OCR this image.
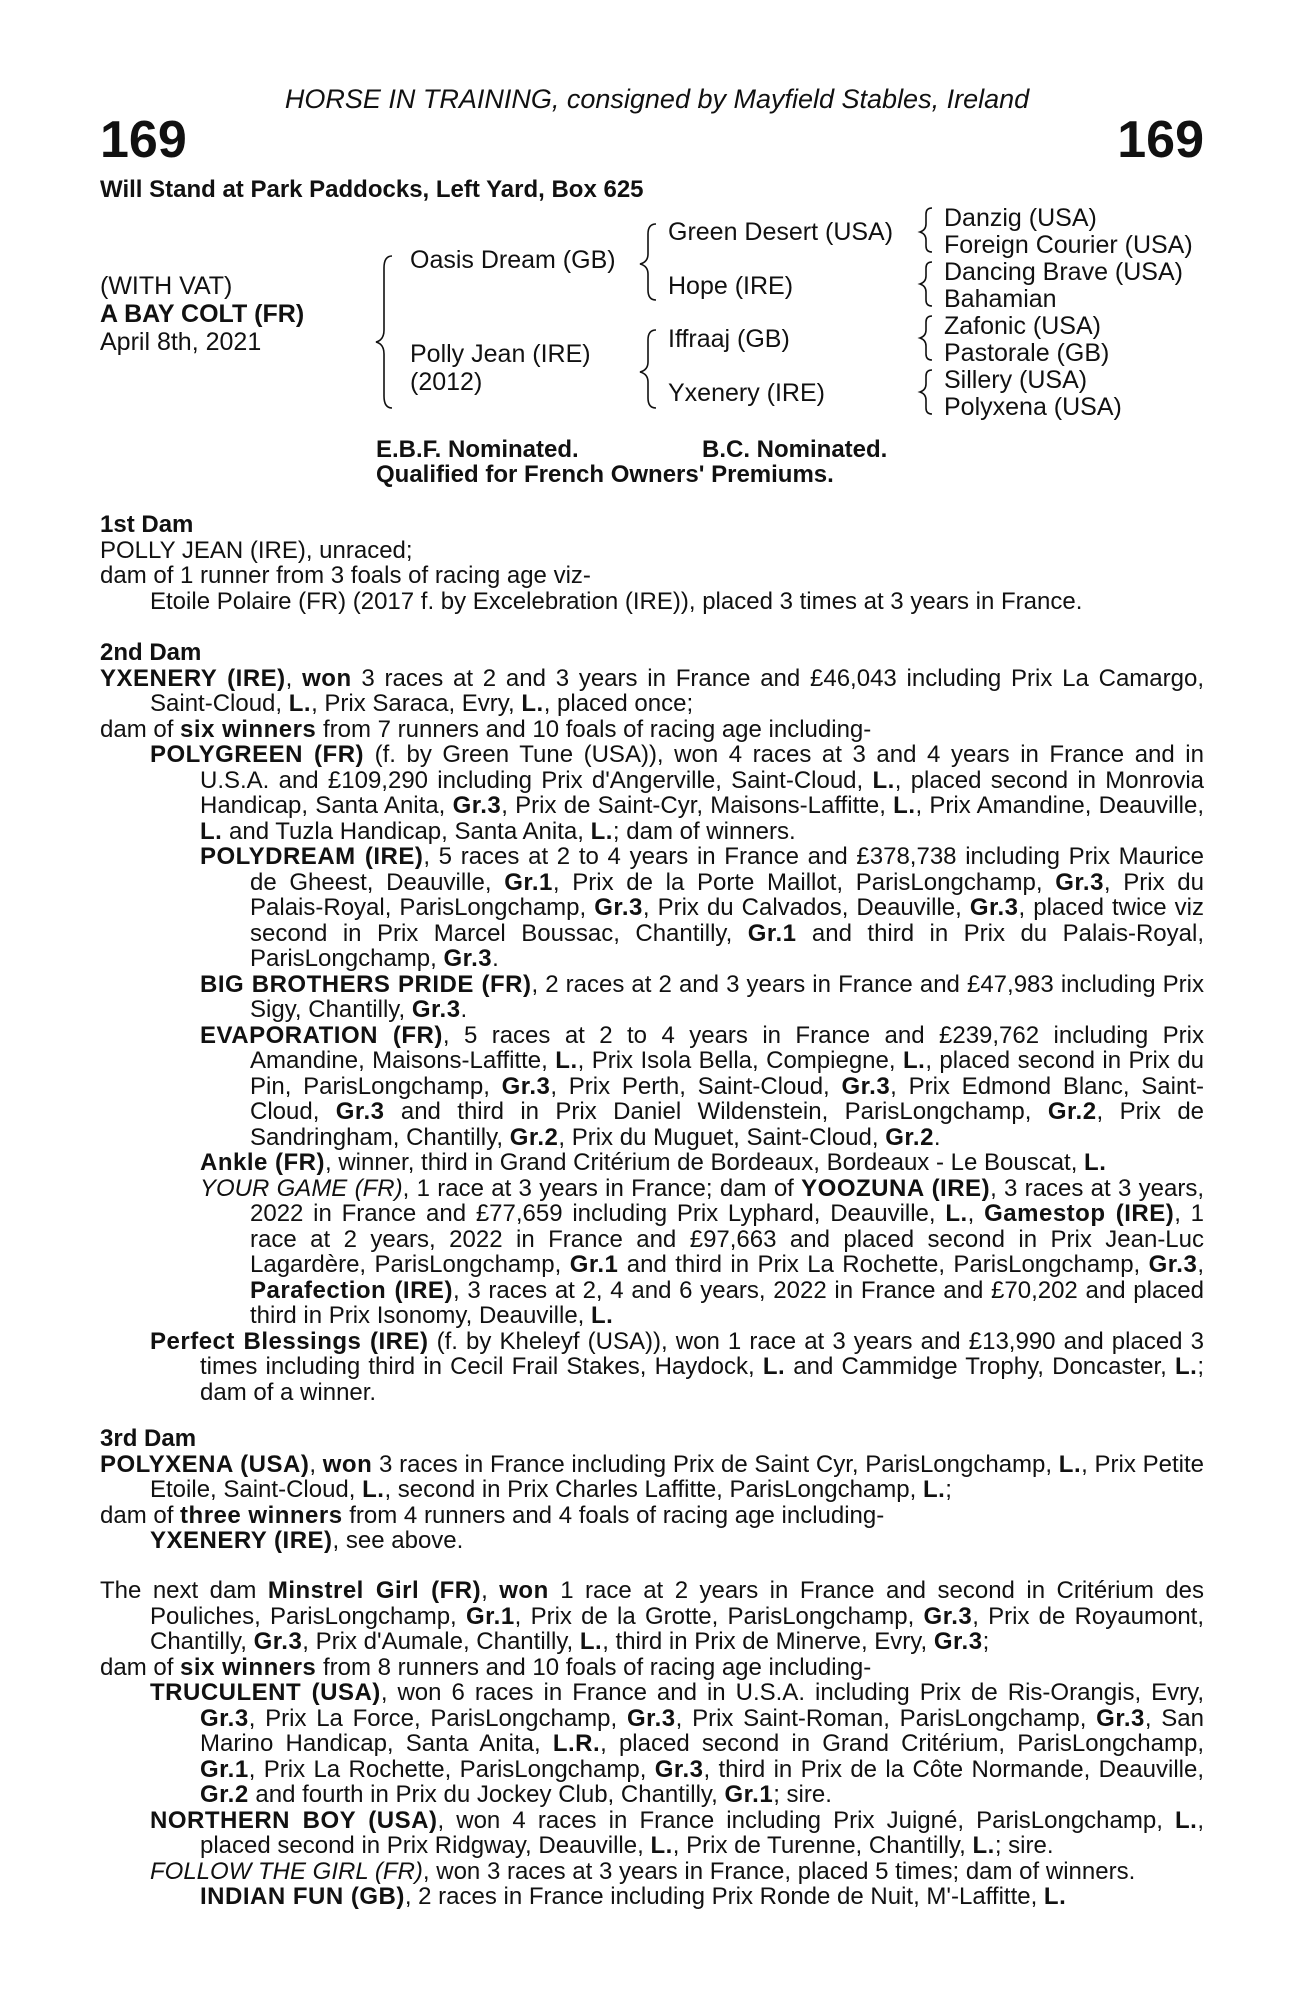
HORSE IN TRAINING, consigned by Mayfield Stables, Ireland
169	169
Will Stand at Park Paddocks, Left Yard, Box 625
(WITH VAT)
A BAY COLT (FR)
April 8th, 2021
Oasis Dream (GB)
Polly Jean (IRE)
(2012)
Green Desert (USA)
Hope (IRE)
Iffraaj (GB)
Yxenery (IRE)
Danzig (USA)
Foreign Courier (USA)
Dancing Brave (USA)
Bahamian
Zafonic (USA)
Pastorale (GB)
Sillery (USA)
Polyxena (USA)
E.B.F. Nominated.	B.C. Nominated.
Qualified for French Owners' Premiums.

1st Dam

POLLY JEAN (IRE), unraced;

dam of 1 runner from 3 foals of racing age viz-

Etoile Polaire (FR) (2017 f. by Excelebration (IRE)), placed 3 times at 3 years in France.

2nd Dam

YXENERY (IRE), won 3 races at 2 and 3 years in France and £46,043 including Prix La Camargo, Saint-Cloud, L., Prix Saraca, Evry, L., placed once;

dam of six winners from 7 runners and 10 foals of racing age including-

POLYGREEN (FR) (f. by Green Tune (USA)), won 4 races at 3 and 4 years in France and in U.S.A. and £109,290 including Prix d'Angerville, Saint-Cloud, L., placed second in Monrovia Handicap, Santa Anita, Gr.3, Prix de Saint-Cyr, Maisons-Laffitte, L., Prix Amandine, Deauville, L. and Tuzla Handicap, Santa Anita, L.; dam of winners.

POLYDREAM (IRE), 5 races at 2 to 4 years in France and £378,738 including Prix Maurice de Gheest, Deauville, Gr.1, Prix de la Porte Maillot, ParisLongchamp, Gr.3, Prix du Palais-Royal, ParisLongchamp, Gr.3, Prix du Calvados, Deauville, Gr.3, placed twice viz second in Prix Marcel Boussac, Chantilly, Gr.1 and third in Prix du Palais-Royal, ParisLongchamp, Gr.3.

BIG BROTHERS PRIDE (FR), 2 races at 2 and 3 years in France and £47,983 including Prix Sigy, Chantilly, Gr.3.

EVAPORATION (FR), 5 races at 2 to 4 years in France and £239,762 including Prix Amandine, Maisons-Laffitte, L., Prix Isola Bella, Compiegne, L., placed second in Prix du Pin, ParisLongchamp, Gr.3, Prix Perth, Saint-Cloud, Gr.3, Prix Edmond Blanc, Saint-Cloud, Gr.3 and third in Prix Daniel Wildenstein, ParisLongchamp, Gr.2, Prix de Sandringham, Chantilly, Gr.2, Prix du Muguet, Saint-Cloud, Gr.2.

Ankle (FR), winner, third in Grand Critérium de Bordeaux, Bordeaux - Le Bouscat, L.

YOUR GAME (FR), 1 race at 3 years in France; dam of YOOZUNA (IRE), 3 races at 3 years, 2022 in France and £77,659 including Prix Lyphard, Deauville, L., Gamestop (IRE), 1 race at 2 years, 2022 in France and £97,663 and placed second in Prix Jean-Luc Lagardère, ParisLongchamp, Gr.1 and third in Prix La Rochette, ParisLongchamp, Gr.3, Parafection (IRE), 3 races at 2, 4 and 6 years, 2022 in France and £70,202 and placed third in Prix Isonomy, Deauville, L.

Perfect Blessings (IRE) (f. by Kheleyf (USA)), won 1 race at 3 years and £13,990 and placed 3 times including third in Cecil Frail Stakes, Haydock, L. and Cammidge Trophy, Doncaster, L.; dam of a winner.

3rd Dam

POLYXENA (USA), won 3 races in France including Prix de Saint Cyr, ParisLongchamp, L., Prix Petite Etoile, Saint-Cloud, L., second in Prix Charles Laffitte, ParisLongchamp, L.;

dam of three winners from 4 runners and 4 foals of racing age including-

YXENERY (IRE), see above.

The next dam Minstrel Girl (FR), won 1 race at 2 years in France and second in Critérium des Pouliches, ParisLongchamp, Gr.1, Prix de la Grotte, ParisLongchamp, Gr.3, Prix de Royaumont, Chantilly, Gr.3, Prix d'Aumale, Chantilly, L., third in Prix de Minerve, Evry, Gr.3;

dam of six winners from 8 runners and 10 foals of racing age including-

TRUCULENT (USA), won 6 races in France and in U.S.A. including Prix de Ris-Orangis, Evry, Gr.3, Prix La Force, ParisLongchamp, Gr.3, Prix Saint-Roman, ParisLongchamp, Gr.3, San Marino Handicap, Santa Anita, L.R., placed second in Grand Critérium, ParisLongchamp, Gr.1, Prix La Rochette, ParisLongchamp, Gr.3, third in Prix de la Côte Normande, Deauville, Gr.2 and fourth in Prix du Jockey Club, Chantilly, Gr.1; sire.

NORTHERN BOY (USA), won 4 races in France including Prix Juigné, ParisLongchamp, L., placed second in Prix Ridgway, Deauville, L., Prix de Turenne, Chantilly, L.; sire.

FOLLOW THE GIRL (FR), won 3 races at 3 years in France, placed 5 times; dam of winners.

INDIAN FUN (GB), 2 races in France including Prix Ronde de Nuit, M'-Laffitte, L.
